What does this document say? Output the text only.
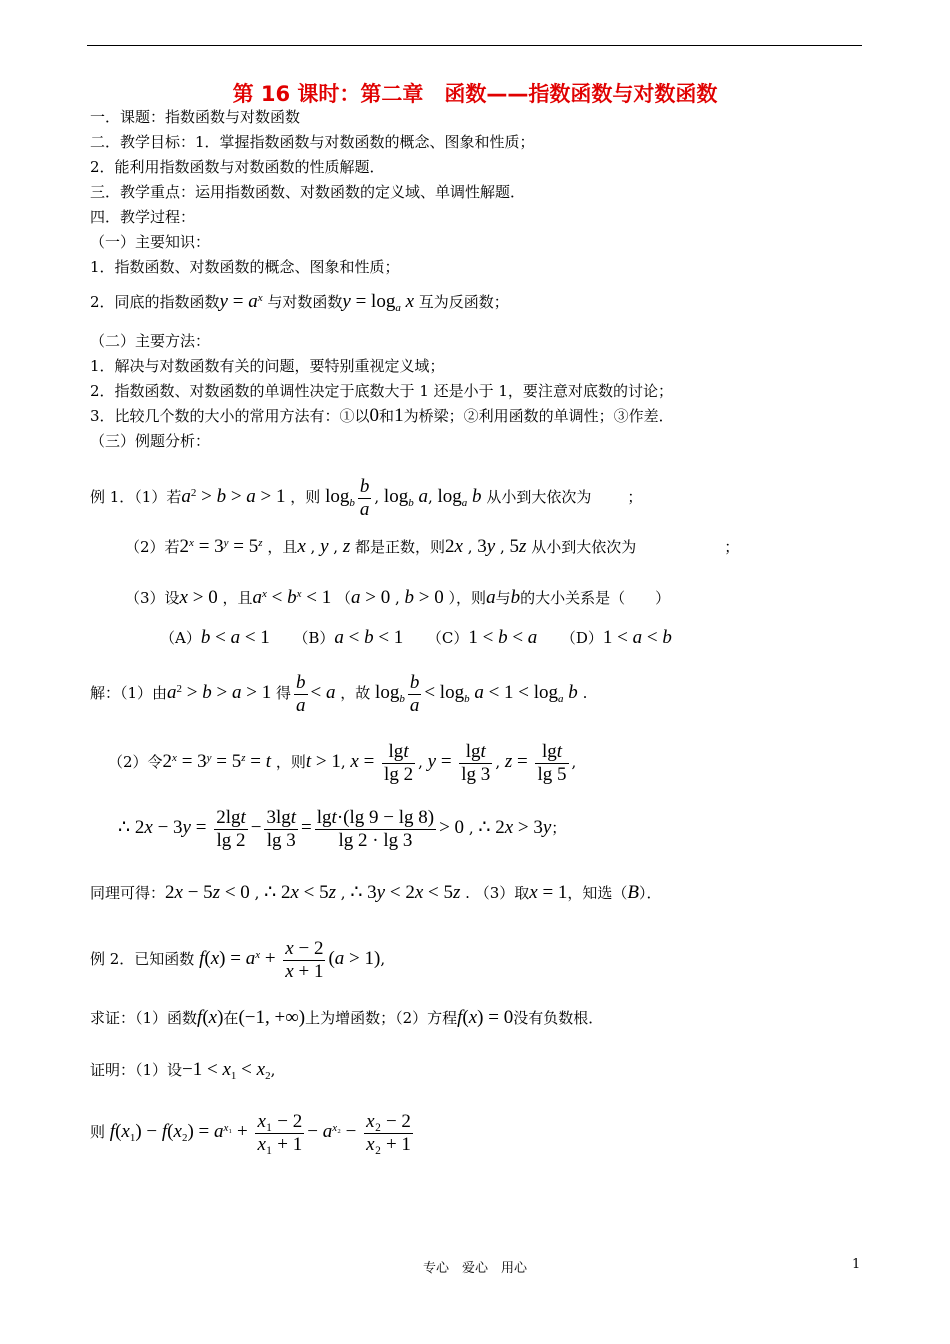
第 16 课时：第二章　函数——指数函数与对数函数
一．课题：指数函数与对数函数
二．教学目标：1．掌握指数函数与对数函数的概念、图象和性质；
2．能利用指数函数与对数函数的性质解题．
三．教学重点：运用指数函数、对数函数的定义域、单调性解题．
四．教学过程：
（一）主要知识：
1．指数函数、对数函数的概念、图象和性质；
2．同底的指数函数$y = a^x$ 与对数函数$y = \log_a x$ 互为反函数；
（二）主要方法：
1．解决与对数函数有关的问题，要特别重视定义域；
2．指数函数、对数函数的单调性决定于底数大于 1 还是小于 1，要注意对底数的讨论；
3．比较几个数的大小的常用方法有：①以0和1为桥梁；②利用函数的单调性；③作差．
（三）例题分析：
例 1．（1）若$a^2 > b > a > 1$ ，则 $\log_b \frac{b}{a}$ , $\log_b a$, $\log_a b$ 从小到大依次为 ；
（2）若$2^x = 3^y = 5^z$ ，且x , y , z 都是正数，则2x , 3y , 5z 从小到大依次为	；
（3）设x > 0 ，且$a^x < b^x < 1$ （a > 0 , b > 0 ），则a与b的大小关系是（　　）
（A）b < a < 1 （B）a < b < 1 （C）1 < b < a （D）1 < a < b
解：（1）由$a^2 > b > a > 1$ 得 $\frac{b}{a} < a$ ，故 $\log_b \frac{b}{a} < \log_b a < 1 < \log_a b$ .
（2）令$2^x = 3^y = 5^z = t$ ，则t > 1, $x = \frac{\lg t}{\lg 2}$ , $y = \frac{\lg t}{\lg 3}$ , $z = \frac{\lg t}{\lg 5}$ ,
∴ $2x - 3y = \frac{2\lg t}{\lg 2} - \frac{3\lg t}{\lg 3} = \frac{\lg t\cdot(\lg 9 - \lg 8)}{\lg 2 \cdot \lg 3} > 0$ , ∴ 2x > 3y；
同理可得：2x − 5z < 0 , ∴ 2x < 5z , ∴ 3y < 2x < 5z . （3）取x = 1，知选（B）．
例 2．已知函数 $f(x) = a^x + \frac{x - 2}{x + 1} (a > 1)$,
求证：（1）函数f(x)在(−1, +∞)上为增函数；（2）方程f(x) = 0没有负数根．
证明：（1）设$-1 < x_1 < x_2$,
则 $f(x_1) - f(x_2) = a^{x_1} + \frac{\text{x₁ − 2}}{\text{x₁ + 1}} - a^{x_2} - \frac{\text{x₂ − 2}}{\text{x₂ + 1}}$
专心　爱心　用心	1
